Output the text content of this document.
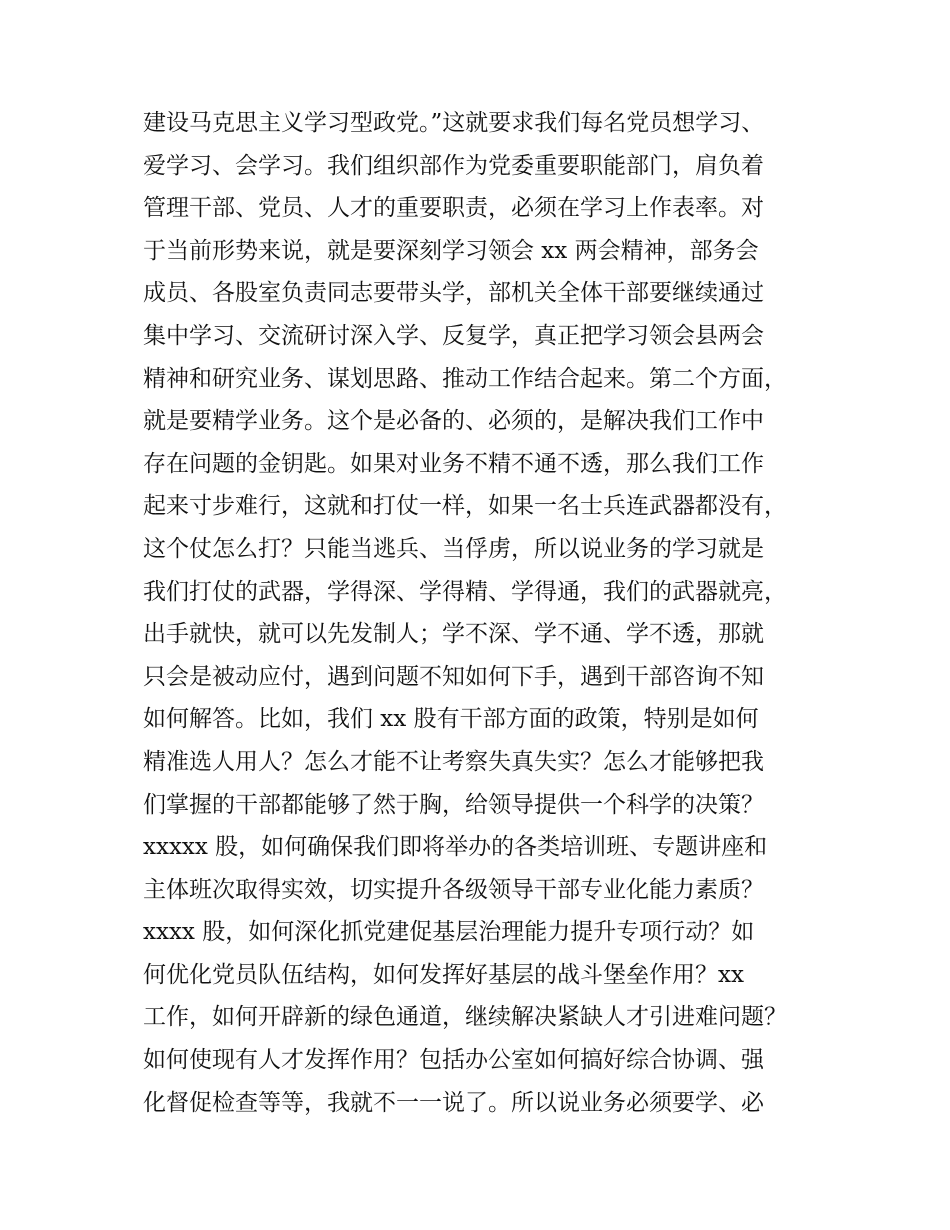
建设马克思主义学习型政党。”这就要求我们每名党员想学习、
爱学习、会学习。我们组织部作为党委重要职能部门，肩负着
管理干部、党员、人才的重要职责，必须在学习上作表率。对
于当前形势来说，就是要深刻学习领会 xx 两会精神，部务会
成员、各股室负责同志要带头学，部机关全体干部要继续通过
集中学习、交流研讨深入学、反复学，真正把学习领会县两会
精神和研究业务、谋划思路、推动工作结合起来。第二个方面，
就是要精学业务。这个是必备的、必须的，是解决我们工作中
存在问题的金钥匙。如果对业务不精不通不透，那么我们工作
起来寸步难行，这就和打仗一样，如果一名士兵连武器都没有，
这个仗怎么打？只能当逃兵、当俘虏，所以说业务的学习就是
我们打仗的武器，学得深、学得精、学得通，我们的武器就亮，
出手就快，就可以先发制人；学不深、学不通、学不透，那就
只会是被动应付，遇到问题不知如何下手，遇到干部咨询不知
如何解答。比如，我们 xx 股有干部方面的政策，特别是如何
精准选人用人？怎么才能不让考察失真失实？怎么才能够把我
们掌握的干部都能够了然于胸，给领导提供一个科学的决策？
xxxxx 股，如何确保我们即将举办的各类培训班、专题讲座和
主体班次取得实效，切实提升各级领导干部专业化能力素质？
xxxx 股，如何深化抓党建促基层治理能力提升专项行动？如
何优化党员队伍结构，如何发挥好基层的战斗堡垒作用？xx
工作，如何开辟新的绿色通道，继续解决紧缺人才引进难问题？
如何使现有人才发挥作用？包括办公室如何搞好综合协调、强
化督促检查等等，我就不一一说了。所以说业务必须要学、必
